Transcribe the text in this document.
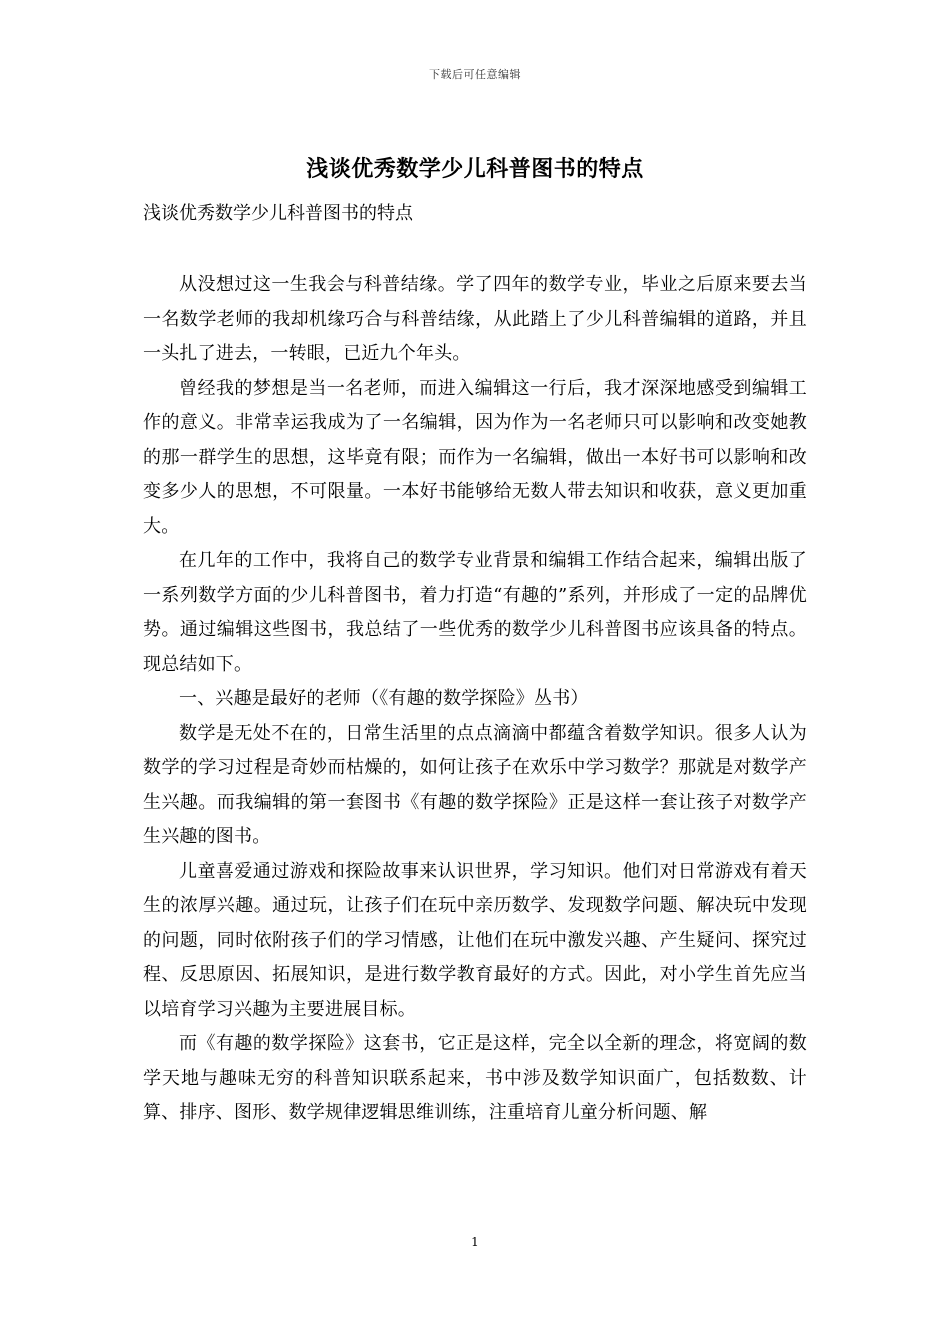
下载后可任意编辑
浅谈优秀数学少儿科普图书的特点
浅谈优秀数学少儿科普图书的特点

从没想过这一生我会与科普结缘。学了四年的数学专业，毕业之后原来要去当一名数学老师的我却机缘巧合与科普结缘，从此踏上了少儿科普编辑的道路，并且一头扎了进去，一转眼，已近九个年头。

曾经我的梦想是当一名老师，而进入编辑这一行后，我才深深地感受到编辑工作的意义。非常幸运我成为了一名编辑，因为作为一名老师只可以影响和改变她教的那一群学生的思想，这毕竟有限；而作为一名编辑，做出一本好书可以影响和改变多少人的思想，不可限量。一本好书能够给无数人带去知识和收获，意义更加重大。

在几年的工作中，我将自己的数学专业背景和编辑工作结合起来，编辑出版了一系列数学方面的少儿科普图书，着力打造“有趣的”系列，并形成了一定的品牌优势。通过编辑这些图书，我总结了一些优秀的数学少儿科普图书应该具备的特点。现总结如下。

一、兴趣是最好的老师（《有趣的数学探险》丛书）

数学是无处不在的，日常生活里的点点滴滴中都蕴含着数学知识。很多人认为数学的学习过程是奇妙而枯燥的，如何让孩子在欢乐中学习数学？那就是对数学产生兴趣。而我编辑的第一套图书《有趣的数学探险》正是这样一套让孩子对数学产生兴趣的图书。

儿童喜爱通过游戏和探险故事来认识世界，学习知识。他们对日常游戏有着天生的浓厚兴趣。通过玩，让孩子们在玩中亲历数学、发现数学问题、解决玩中发现的问题，同时依附孩子们的学习情感，让他们在玩中激发兴趣、产生疑问、探究过程、反思原因、拓展知识，是进行数学教育最好的方式。因此，对小学生首先应当以培育学习兴趣为主要进展目标。

而《有趣的数学探险》这套书，它正是这样，完全以全新的理念，将宽阔的数学天地与趣味无穷的科普知识联系起来，书中涉及数学知识面广，包括数数、计算、排序、图形、数学规律逻辑思维训练，注重培育儿童分析问题、解

1
